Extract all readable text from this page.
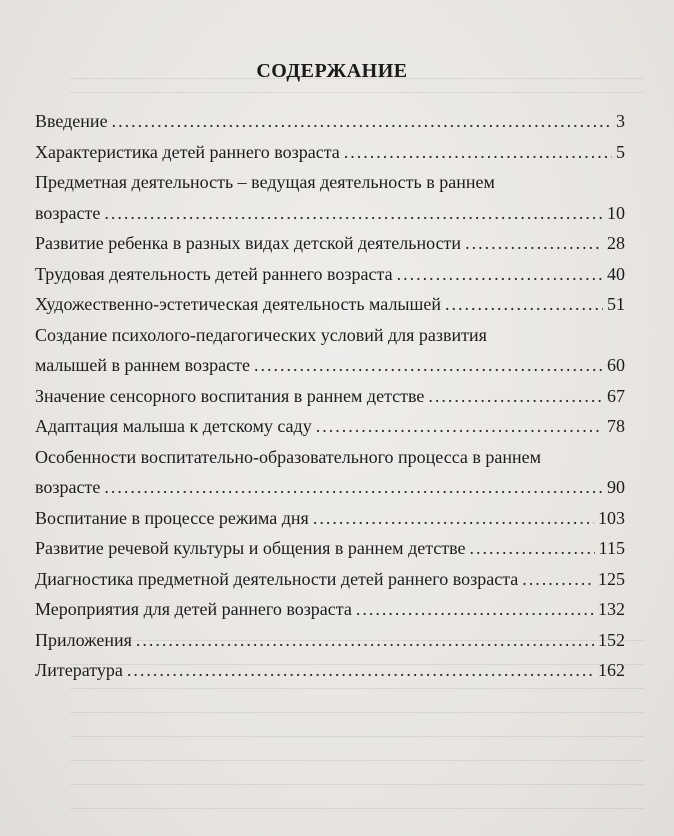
СОДЕРЖАНИЕ
Введение .....	3
Характеристика детей раннего возраста .....	5
Предметная деятельность – ведущая деятельность в раннем
возрасте .....	10
Развитие ребенка в разных видах детской деятельности .....	28
Трудовая деятельность детей раннего возраста .....	40
Художественно-эстетическая деятельность малышей .....	51
Создание психолого-педагогических условий для развития
малышей в раннем возрасте .....	60
Значение сенсорного воспитания в раннем детстве .....	67
Адаптация малыша к детскому саду .....	78
Особенности воспитательно-образовательного процесса в раннем
возрасте .....	90
Воспитание в процессе режима дня .....	103
Развитие речевой культуры и общения в раннем детстве .....	115
Диагностика предметной деятельности детей раннего возраста .....	125
Мероприятия для детей раннего возраста .....	132
Приложения .....	152
Литература .....	162
